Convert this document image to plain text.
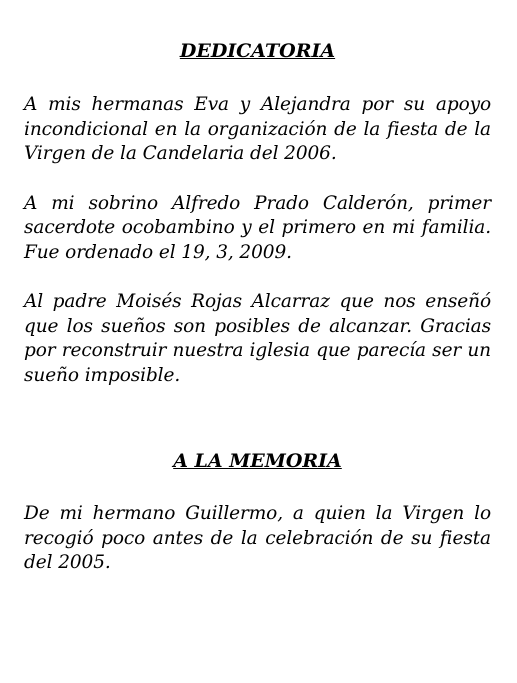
DEDICATORIA

A mis hermanas Eva y Alejandra por su apoyo incondicional en la organización de la fiesta de la Virgen de la Candelaria del 2006.

A mi sobrino Alfredo Prado Calderón, primer sacerdote ocobambino y el primero en mi familia. Fue ordenado el 19, 3, 2009.

Al padre Moisés Rojas Alcarraz que nos enseñó que los sueños son posibles de alcanzar. Gracias por reconstruir nuestra iglesia que parecía ser un sueño imposible.

A LA MEMORIA

De mi hermano Guillermo, a quien la Virgen lo recogió poco antes de la celebración de su fiesta del 2005.
